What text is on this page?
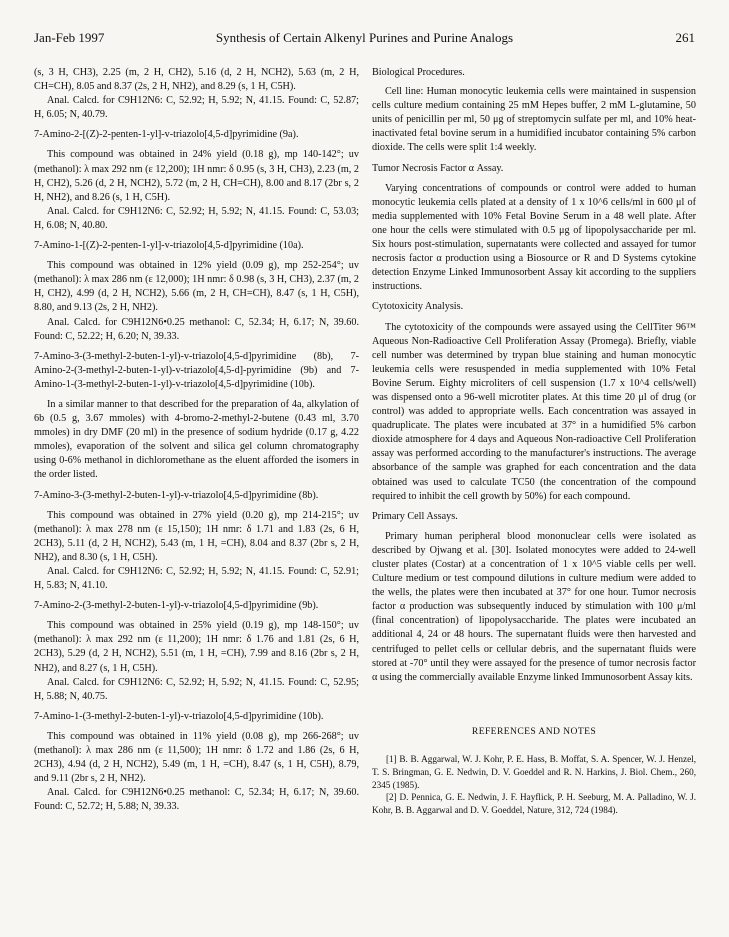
Jan-Feb 1997	Synthesis of Certain Alkenyl Purines and Purine Analogs	261

(s, 3 H, CH3), 2.25 (m, 2 H, CH2), 5.16 (d, 2 H, NCH2), 5.63 (m, 2 H, CH=CH), 8.05 and 8.37 (2s, 2 H, NH2), and 8.29 (s, 1 H, C5H).

Anal. Calcd. for C9H12N6: C, 52.92; H, 5.92; N, 41.15. Found: C, 52.87; H, 6.05; N, 40.79.

7-Amino-2-[(Z)-2-penten-1-yl]-v-triazolo[4,5-d]pyrimidine (9a).

This compound was obtained in 24% yield (0.18 g), mp 140-142°; uv (methanol): λ max 292 nm (ε 12,200); 1H nmr: δ 0.95 (s, 3 H, CH3), 2.23 (m, 2 H, CH2), 5.26 (d, 2 H, NCH2), 5.72 (m, 2 H, CH=CH), 8.00 and 8.17 (2br s, 2 H, NH2), and 8.26 (s, 1 H, C5H).

Anal. Calcd. for C9H12N6: C, 52.92; H, 5.92; N, 41.15. Found: C, 53.03; H, 6.08; N, 40.80.

7-Amino-1-[(Z)-2-penten-1-yl]-v-triazolo[4,5-d]pyrimidine (10a).

This compound was obtained in 12% yield (0.09 g), mp 252-254°; uv (methanol): λ max 286 nm (ε 12,000); 1H nmr: δ 0.98 (s, 3 H, CH3), 2.37 (m, 2 H, CH2), 4.99 (d, 2 H, NCH2), 5.66 (m, 2 H, CH=CH), 8.47 (s, 1 H, C5H), 8.80, and 9.13 (2s, 2 H, NH2).

Anal. Calcd. for C9H12N6•0.25 methanol: C, 52.34; H, 6.17; N, 39.60. Found: C, 52.22; H, 6.20; N, 39.33.

7-Amino-3-(3-methyl-2-buten-1-yl)-v-triazolo[4,5-d]pyrimidine (8b), 7-Amino-2-(3-methyl-2-buten-1-yl)-v-triazolo[4,5-d]-pyrimidine (9b) and 7-Amino-1-(3-methyl-2-buten-1-yl)-v-triazolo[4,5-d]pyrimidine (10b).

In a similar manner to that described for the preparation of 4a, alkylation of 6b (0.5 g, 3.67 mmoles) with 4-bromo-2-methyl-2-butene (0.43 ml, 3.70 mmoles) in dry DMF (20 ml) in the presence of sodium hydride (0.17 g, 4.22 mmoles), evaporation of the solvent and silica gel column chromatography using 0-6% methanol in dichloromethane as the eluent afforded the isomers in the order listed.

7-Amino-3-(3-methyl-2-buten-1-yl)-v-triazolo[4,5-d]pyrimidine (8b).

This compound was obtained in 27% yield (0.20 g), mp 214-215°; uv (methanol): λ max 278 nm (ε 15,150); 1H nmr: δ 1.71 and 1.83 (2s, 6 H, 2CH3), 5.11 (d, 2 H, NCH2), 5.43 (m, 1 H, =CH), 8.04 and 8.37 (2br s, 2 H, NH2), and 8.30 (s, 1 H, C5H).

Anal. Calcd. for C9H12N6: C, 52.92; H, 5.92; N, 41.15. Found: C, 52.91; H, 5.83; N, 41.10.

7-Amino-2-(3-methyl-2-buten-1-yl)-v-triazolo[4,5-d]pyrimidine (9b).

This compound was obtained in 25% yield (0.19 g), mp 148-150°; uv (methanol): λ max 292 nm (ε 11,200); 1H nmr: δ 1.76 and 1.81 (2s, 6 H, 2CH3), 5.29 (d, 2 H, NCH2), 5.51 (m, 1 H, =CH), 7.99 and 8.16 (2br s, 2 H, NH2), and 8.27 (s, 1 H, C5H).

Anal. Calcd. for C9H12N6: C, 52.92; H, 5.92; N, 41.15. Found: C, 52.95; H, 5.88; N, 40.75.

7-Amino-1-(3-methyl-2-buten-1-yl)-v-triazolo[4,5-d]pyrimidine (10b).

This compound was obtained in 11% yield (0.08 g), mp 266-268°; uv (methanol): λ max 286 nm (ε 11,500); 1H nmr: δ 1.72 and 1.86 (2s, 6 H, 2CH3), 4.94 (d, 2 H, NCH2), 5.49 (m, 1 H, =CH), 8.47 (s, 1 H, C5H), 8.79, and 9.11 (2br s, 2 H, NH2).

Anal. Calcd. for C9H12N6•0.25 methanol: C, 52.34; H, 6.17; N, 39.60. Found: C, 52.72; H, 5.88; N, 39.33.

Biological Procedures.

Cell line: Human monocytic leukemia cells were maintained in suspension cells culture medium containing 25 mM Hepes buffer, 2 mM L-glutamine, 50 units of penicillin per ml, 50 μg of streptomycin sulfate per ml, and 10% heat-inactivated fetal bovine serum in a humidified incubator containing 5% carbon dioxide. The cells were split 1:4 weekly.

Tumor Necrosis Factor α Assay.

Varying concentrations of compounds or control were added to human monocytic leukemia cells plated at a density of 1 x 10^6 cells/ml in 600 μl of media supplemented with 10% Fetal Bovine Serum in a 48 well plate. After one hour the cells were stimulated with 0.5 μg of lipopolysaccharide per ml. Six hours post-stimulation, supernatants were collected and assayed for tumor necrosis factor α production using a Biosource or R and D Systems cytokine detection Enzyme Linked Immunosorbent Assay kit according to the suppliers instructions.

Cytotoxicity Analysis.

The cytotoxicity of the compounds were assayed using the CellTiter 96™ Aqueous Non-Radioactive Cell Proliferation Assay (Promega). Briefly, viable cell number was determined by trypan blue staining and human monocytic leukemia cells were resuspended in media supplemented with 10% Fetal Bovine Serum. Eighty microliters of cell suspension (1.7 x 10^4 cells/well) was dispensed onto a 96-well microtiter plates. At this time 20 μl of drug (or control) was added to appropriate wells. Each concentration was assayed in quadruplicate. The plates were incubated at 37° in a humidified 5% carbon dioxide atmosphere for 4 days and Aqueous Non-radioactive Cell Proliferation assay was performed according to the manufacturer's instructions. The average absorbance of the sample was graphed for each concentration and the data obtained was used to calculate TC50 (the concentration of the compound required to inhibit the cell growth by 50%) for each compound.

Primary Cell Assays.

Primary human peripheral blood mononuclear cells were isolated as described by Ojwang et al. [30]. Isolated monocytes were added to 24-well cluster plates (Costar) at a concentration of 1 x 10^5 viable cells per well. Culture medium or test compound dilutions in culture medium were added to the wells, the plates were then incubated at 37° for one hour. Tumor necrosis factor α production was subsequently induced by stimulation with 100 μ/ml (final concentration) of lipopolysaccharide. The plates were incubated an additional 4, 24 or 48 hours. The supernatant fluids were then harvested and centrifuged to pellet cells or cellular debris, and the supernatant fluids were stored at -70° until they were assayed for the presence of tumor necrosis factor α using the commercially available Enzyme linked Immunosorbent Assay kits.

REFERENCES AND NOTES

[1] B. B. Aggarwal, W. J. Kohr, P. E. Hass, B. Moffat, S. A. Spencer, W. J. Henzel, T. S. Bringman, G. E. Nedwin, D. V. Goeddel and R. N. Harkins, J. Biol. Chem., 260, 2345 (1985).

[2] D. Pennica, G. E. Nedwin, J. F. Hayflick, P. H. Seeburg, M. A. Palladino, W. J. Kohr, B. B. Aggarwal and D. V. Goeddel, Nature, 312, 724 (1984).
